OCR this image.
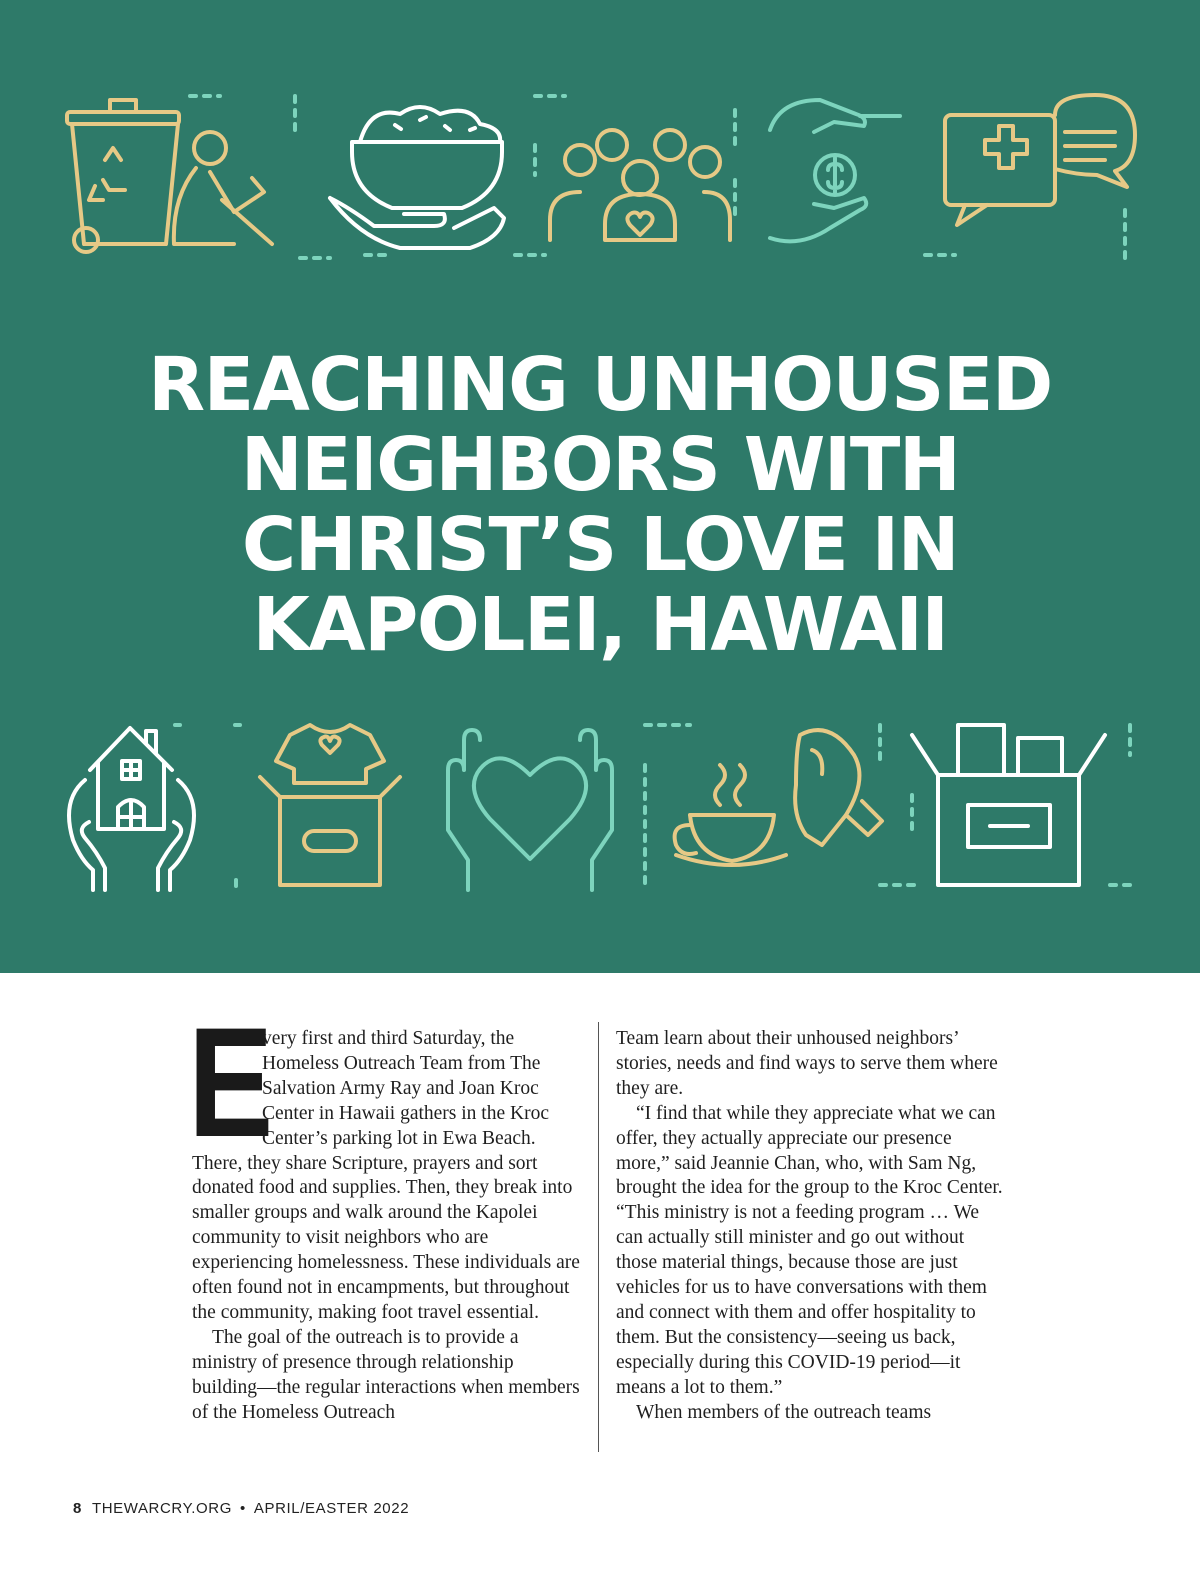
REACHING UNHOUSED NEIGHBORS WITH CHRIST’S LOVE IN KAPOLEI, HAWAII

E
very first and third Saturday, the Homeless Outreach Team from The Salvation Army Ray and Joan Kroc Center in Hawaii gathers in the Kroc Center’s parking lot in Ewa Beach. There, they share Scripture, prayers and sort donated food and supplies. Then, they break into smaller groups and walk around the Kapolei community to visit neighbors who are experiencing homelessness. These individuals are often found not in encampments, but throughout the community, making foot travel essential.

The goal of the outreach is to provide a ministry of presence through relationship building—the regular interactions when members of the Homeless Outreach

Team learn about their unhoused neighbors’ stories, needs and find ways to serve them where they are.

“I find that while they appreciate what we can offer, they actually appreciate our presence more,” said Jeannie Chan, who, with Sam Ng, brought the idea for the group to the Kroc Center. “This ministry is not a feeding program … We can actually still minister and go out without those material things, because those are just vehicles for us to have conversations with them and connect with them and offer hospitality to them. But the consistency—seeing us back, especially during this COVID-19 period—it means a lot to them.”

When members of the outreach teams

8 THEWARCRY.ORG • APRIL/EASTER 2022
